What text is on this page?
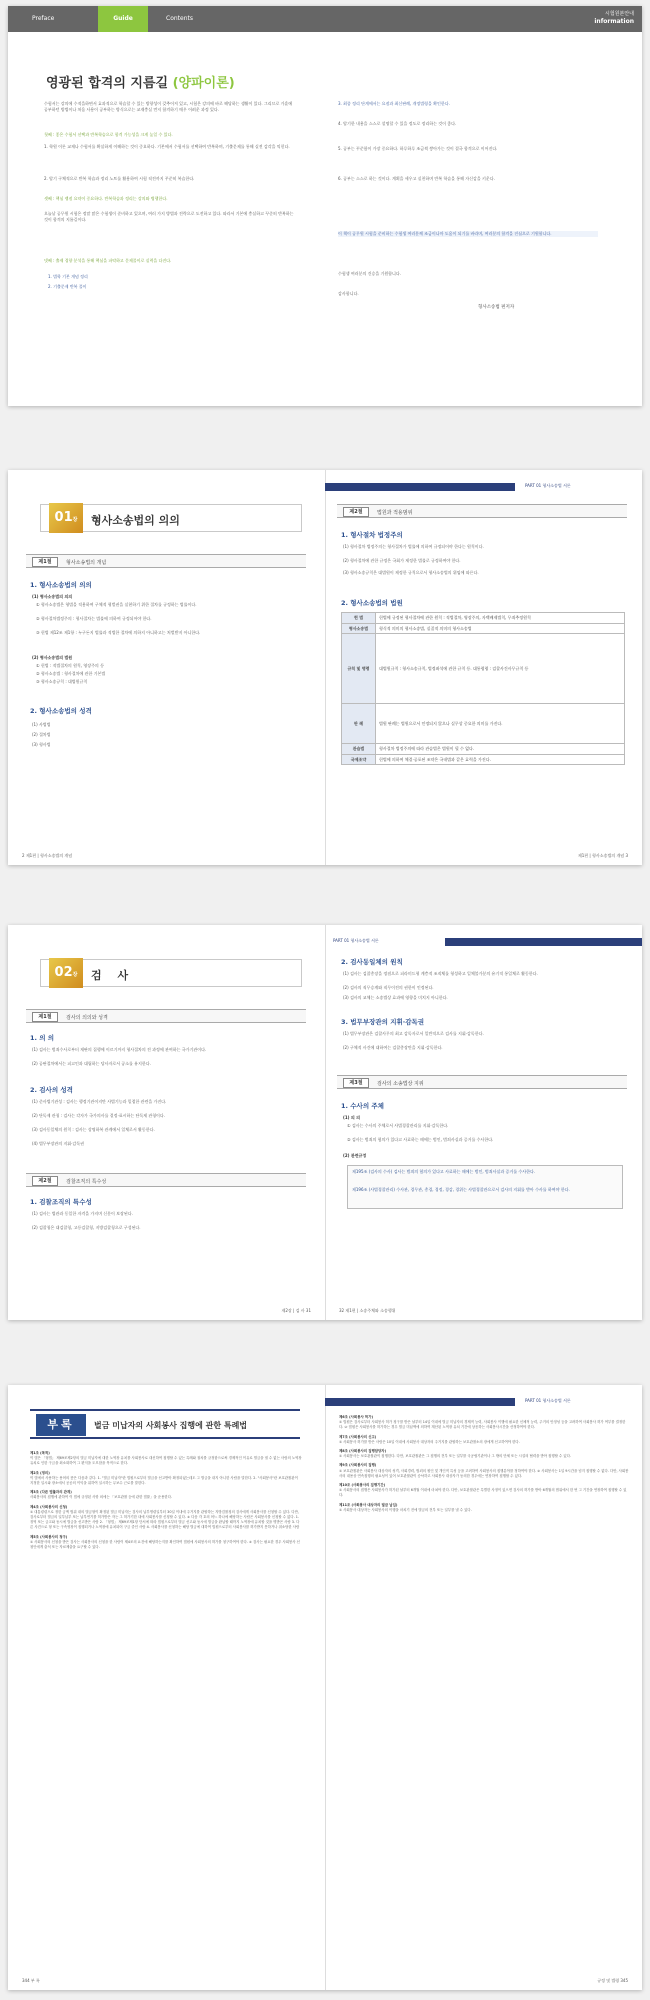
Preface	Guide	Contents
시험원본안내
information
영광된 합격의 지름길 (양파이론)
수험서는 강의에 수적을하면서 효과적으로 학습할 수 있는 방향성이 갖추어져 있고, 시험은 강의에 바로 해당하는 생활이 있다. 그리므로 가훈에 공부하던 방법이나 처음 사용이 공부하는 방식으로는 교재충실 먼저 합격하기 매우 어려운 과정 있다.
첫째 : 좋은 수험서 선택과 반복학습으로 합격 가능성을 크게 높일 수 있다.
1. 학원 이론 교재나 수험서를 확실하게 이해하는 것이 중요하다. 기본에서 수험서를 선택하여 반복하며, 기출문제를 통해 실전 감각을 익힌다.
2. 암기 구체적으로 반복 학습과 정리 노트를 활용하여 시험 직전까지 꾸준히 복습한다.
셋째 : 핵심 쟁점 요약이 중요하다. 반복학습과 정리는 강의와 병행한다.
오늘날 공무원 시험은 정말 많은 수험생이 준비하고 있으며, 여러 가지 방법과 전략으로 도전하고 있다. 따라서 기본에 충실하고 꾸준히 반복하는 것이 합격의 지름길이다.
넷째 : 출제 경향 분석을 통해 핵심을 파악하고 문제풀이로 실력을 다진다.
1. 법학 기본 개념 정리
2. 기출문제 반복 풀이
3. 최종 정리 단계에서는 요점과 최신판례, 개정법령을 확인한다.
4. 암기한 내용을 스스로 설명할 수 있을 정도로 정리하는 것이 좋다.
5. 공부는 꾸준함이 가장 중요하다. 하루하루 조금씩 쌓아가는 것이 결국 합격으로 이어진다.
6. 공부는 스스로 하는 것이다. 계획을 세우고 실천하며 반복 학습을 통해 자신감을 키운다.
이 책이 공무원 시험을 준비하는 수험생 여러분께 조금이나마 도움이 되기를 바라며, 여러분의 합격을 진심으로 기원합니다.
수험생 여러분의 건승을 기원합니다.
감사합니다.
형사소송법 편저자
01장	형사소송법의 의의
제1절	형사소송법의 개념
1. 형사소송법의 의의
(1) 형사소송법의 의의
① 형사소송법은 형법을 적용하여 구체적 형벌권을 실현하기 위한 절차를 규정하는 법률이다.
② 형사절차법정주의 : 형사절차는 법률에 의하여 규정되어야 한다.
③ 헌법 제12조 제1항 : 누구든지 법률과 적법한 절차에 의하지 아니하고는 처벌받지 아니한다.
(2) 형사소송법의 법원
① 헌법 : 적법절차의 원칙, 영장주의 등
② 형사소송법 : 형사절차에 관한 기본법
③ 형사소송규칙 : 대법원규칙
2. 형사소송법의 성격
(1) 사법법
(2) 절차법
(3) 형사법
2 제1편 | 형사소송법의 개념
PART 01 형사소송법 서론
제2절	법원과 적용범위
1. 형사절차 법정주의
(1) 형사절차 법정주의는 형사절차가 법률에 의하여 규정되어야 한다는 원칙이다.
(2) 형사절차에 관한 규정은 국회가 제정한 법률로 규정하여야 한다.
(3) 형사소송규칙은 대법원이 제정한 규칙으로서 형사소송법의 위임에 따른다.
2. 형사소송법의 법원
헌 법	헌법에 규정된 형사절차에 관한 원칙 : 적법절차, 영장주의, 자백배제법칙, 무죄추정원칙
형사소송법	형식적 의미의 형사소송법, 실질적 의미의 형사소송법
규칙 및 명령	대법원규칙 : 형사소송규칙, 법정좌석에 관한 규칙 등. 대통령령 : 검찰사건사무규칙 등
판 례	법원 판례는 법원으로서 인정되지 않으나 실무상 중요한 의미를 가진다.
관습법	형사절차 법정주의에 따라 관습법은 법원이 될 수 없다.
국제조약	헌법에 의하여 체결·공포된 조약은 국내법과 같은 효력을 가진다.
제1편 | 형사소송법의 개념 3
02장	검 사
제1절	검사의 의의와 성격
1. 의 의
(1) 검사는 범죄수사로부터 재판의 집행에 이르기까지 형사절차의 전 과정에 관여하는 국가기관이다.
(2) 공판절차에서는 피고인과 대립하는 당사자로서 공소를 유지한다.
2. 검사의 성격
(1) 준사법기관성 : 검사는 행정기관이지만 사법기능과 밀접한 관련을 가진다.
(2) 단독제 관청 : 검사는 각자가 국가의사를 결정·표시하는 단독제 관청이다.
(3) 검사동일체의 원칙 : 검사는 상명하복 관계에서 일체로서 활동한다.
(4) 법무부장관의 지휘·감독권
제2절	검찰조직의 특수성
1. 검찰조직의 특수성
(1) 검사는 법관과 동일한 자격을 가지며 신분이 보장된다.
(2) 검찰청은 대검찰청, 고등검찰청, 지방검찰청으로 구성된다.
제2장 | 검 사 31
PART 01 형사소송법 서론
2. 검사동일체의 원칙
(1) 검사는 검찰총장을 정점으로 피라미드형 계층적 조직체를 형성하고 일체불가분의 유기적 통일체로 활동한다.
(2) 검사의 직무승계와 직무이전의 권한이 인정된다.
(3) 검사의 교체는 소송법상 효과에 영향을 미치지 아니한다.
3. 법무부장관의 지휘·감독권
(1) 법무부장관은 검찰사무의 최고 감독자로서 일반적으로 검사를 지휘·감독한다.
(2) 구체적 사건에 대하여는 검찰총장만을 지휘·감독한다.
제3절	검사의 소송법상 지위
1. 수사의 주체
(1) 의 의
① 검사는 수사의 주체로서 사법경찰관리를 지휘·감독한다.
② 검사는 범죄의 혐의가 있다고 사료하는 때에는 범인, 범죄사실과 증거를 수사한다.
(2) 관련규정
제195조 (검사의 수사) 검사는 범죄의 혐의가 있다고 사료하는 때에는 범인, 범죄사실과 증거를 수사한다.
제196조 (사법경찰관리) 수사관, 경무관, 총경, 경정, 경감, 경위는 사법경찰관으로서 검사의 지휘를 받아 수사를 하여야 한다.
32 제1편 | 소송주체와 소송행위
부록	벌금 미납자의 사회봉사 집행에 관한 특례법
제1조 (목적)
이 법은 「형법」 제69조제2항의 벌금 미납자에 대한 노역장 유치를 사회봉사로 대신하여 집행할 수 있는 특례와 절차를 규정함으로써 경제적인 이유로 벌금을 낼 수 없는 사람의 노역장 유치로 인한 구금을 최소화하여 그 편익을 도모함을 목적으로 한다.
제2조 (정의)
이 법에서 사용하는 용어의 뜻은 다음과 같다. 1. "벌금 미납자"란 법원으로부터 벌금을 선고받아 확정되었는데도 그 벌금을 내지 아니한 사람을 말한다. 2. "사회봉사"란 보호관찰관이 지정한 일시와 장소에서 공공의 이익을 위하여 실시하는 무보수 근로를 말한다.
제3조 (다른 법률과의 관계)
사회봉사의 집행에 관하여 이 법에 규정된 사항 외에는 「보호관찰 등에 관한 법률」을 준용한다.
제4조 (사회봉사의 신청)
① 대통령령으로 정한 금액 범위 내의 벌금형이 확정된 벌금 미납자는 검사의 납부명령일부터 30일 이내에 주거지를 관할하는 지방검찰청의 검사에게 사회봉사를 신청할 수 있다. 다만, 검사로부터 벌금의 일부납부 또는 납부연기를 허가받은 자는 그 허가기한 내에 사회봉사를 신청할 수 있다. ② 다음 각 호의 어느 하나에 해당하는 사람은 사회봉사를 신청할 수 없다. 1. 징역 또는 금고와 동시에 벌금을 선고받은 사람 2. 「형법」 제69조제1항 단서에 따라 법원으로부터 벌금 선고와 동시에 벌금을 완납할 때까지 노역장에 유치할 것을 명받은 사람 3. 다른 사건으로 형 또는 구속영장이 집행되거나 노역장에 유치되어 구금 중인 사람 4. 사회봉사를 신청하는 해당 벌금에 대하여 법원으로부터 사회봉사를 허가받지 못하거나 취소당한 사람
제5조 (사회봉사의 청구)
① 사회봉사의 신청을 받은 검사는 사회봉사의 신청을 한 사람이 제4조의 요건에 해당하는지를 확인하여 법원에 사회봉사의 허가를 청구하여야 한다. ② 검사는 필요한 경우 사회봉사 신청인에게 출석 또는 자료제출을 요구할 수 있다.
344 부 록
PART 01 형사소송법 서론
제6조 (사회봉사 허가)
① 법원은 검사로부터 사회봉사 허가 청구를 받은 날부터 14일 이내에 벌금 미납자의 경제적 능력, 사회봉사 이행에 필요한 신체적 능력, 주거의 안정성 등을 고려하여 사회봉사 허가 여부를 결정한다. ② 법원은 사회봉사를 허가하는 경우 벌금 미납액에 의하여 계산된 노역장 유치 기간에 상응하는 사회봉사시간을 산정하여야 한다.
제7조 (사회봉사의 신고)
① 사회봉사 허가를 받은 사람은 10일 이내에 사회봉사 대상자의 주거지를 관할하는 보호관찰소의 장에게 신고하여야 한다.
제8조 (사회봉사의 집행담당자)
① 사회봉사는 보호관찰관이 집행한다. 다만, 보호관찰관은 그 집행의 전부 또는 일부를 국공립기관이나 그 밖의 단체 또는 시설의 협력을 받아 집행할 수 있다.
제9조 (사회봉사의 집행)
① 보호관찰관은 사회봉사 대상자의 성격, 사회경력, 범죄의 원인 및 개인적 특성 등을 고려하여 사회봉사의 집행분야를 정하여야 한다. ② 사회봉사는 1일 9시간을 넘겨 집행할 수 없다. 다만, 사회봉사의 내용상 연속집행의 필요성이 있어 보호관찰관이 승낙하고 사회봉사 대상자가 동의한 경우에는 연장하여 집행할 수 있다.
제10조 (사회봉사의 집행기간)
① 사회봉사의 집행은 사회봉사가 허가된 날부터 6개월 이내에 마쳐야 한다. 다만, 보호관찰관은 특별한 사정이 있으면 검사의 허가를 받아 6개월의 범위에서 한 번 그 기간을 연장하여 집행할 수 있다.
제11조 (사회봉사 대상자의 벌금 납입)
① 사회봉사 대상자는 사회봉사의 이행을 마치기 전에 벌금의 전부 또는 일부를 낼 수 있다.
규정 및 법령 345
